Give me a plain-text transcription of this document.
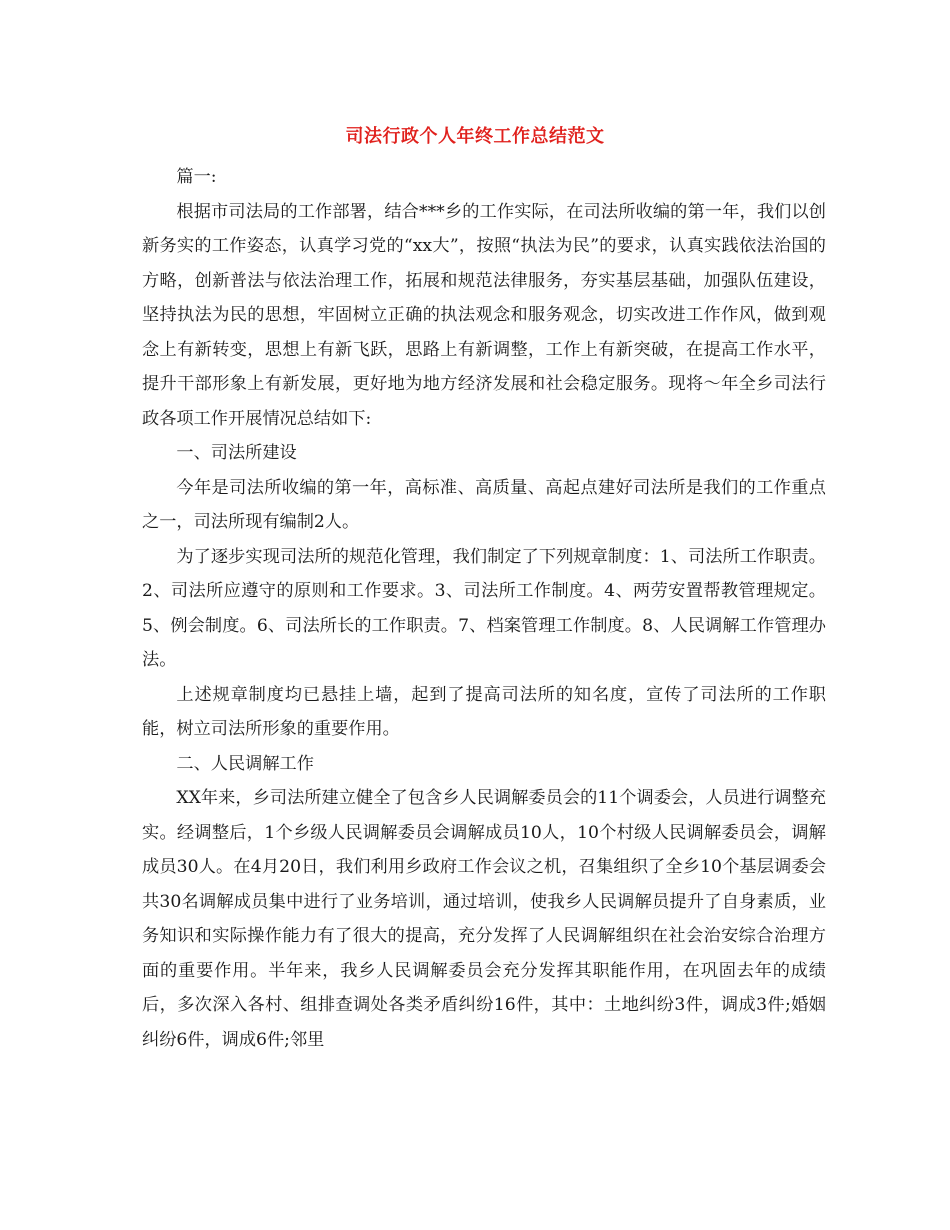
司法行政个人年终工作总结范文

篇一:

根据市司法局的工作部署，结合***乡的工作实际，在司法所收编的第一年，我们以创新务实的工作姿态，认真学习党的“xx大”，按照“执法为民”的要求，认真实践依法治国的方略，创新普法与依法治理工作，拓展和规范法律服务，夯实基层基础，加强队伍建设，坚持执法为民的思想，牢固树立正确的执法观念和服务观念，切实改进工作作风，做到观念上有新转变，思想上有新飞跃，思路上有新调整，工作上有新突破，在提高工作水平，提升干部形象上有新发展，更好地为地方经济发展和社会稳定服务。现将～年全乡司法行政各项工作开展情况总结如下:

一、司法所建设

今年是司法所收编的第一年，高标准、高质量、高起点建好司法所是我们的工作重点之一，司法所现有编制2人。

为了逐步实现司法所的规范化管理，我们制定了下列规章制度：1、司法所工作职责。2、司法所应遵守的原则和工作要求。3、司法所工作制度。4、两劳安置帮教管理规定。5、例会制度。6、司法所长的工作职责。7、档案管理工作制度。8、人民调解工作管理办法。

上述规章制度均已悬挂上墙，起到了提高司法所的知名度，宣传了司法所的工作职能，树立司法所形象的重要作用。

二、人民调解工作

XX年来，乡司法所建立健全了包含乡人民调解委员会的11个调委会，人员进行调整充实。经调整后，1个乡级人民调解委员会调解成员10人，10个村级人民调解委员会，调解成员30人。在4月20日，我们利用乡政府工作会议之机，召集组织了全乡10个基层调委会共30名调解成员集中进行了业务培训，通过培训，使我乡人民调解员提升了自身素质，业务知识和实际操作能力有了很大的提高，充分发挥了人民调解组织在社会治安综合治理方面的重要作用。半年来，我乡人民调解委员会充分发挥其职能作用，在巩固去年的成绩后，多次深入各村、组排查调处各类矛盾纠纷16件，其中：土地纠纷3件，调成3件;婚姻纠纷6件，调成6件;邻里
